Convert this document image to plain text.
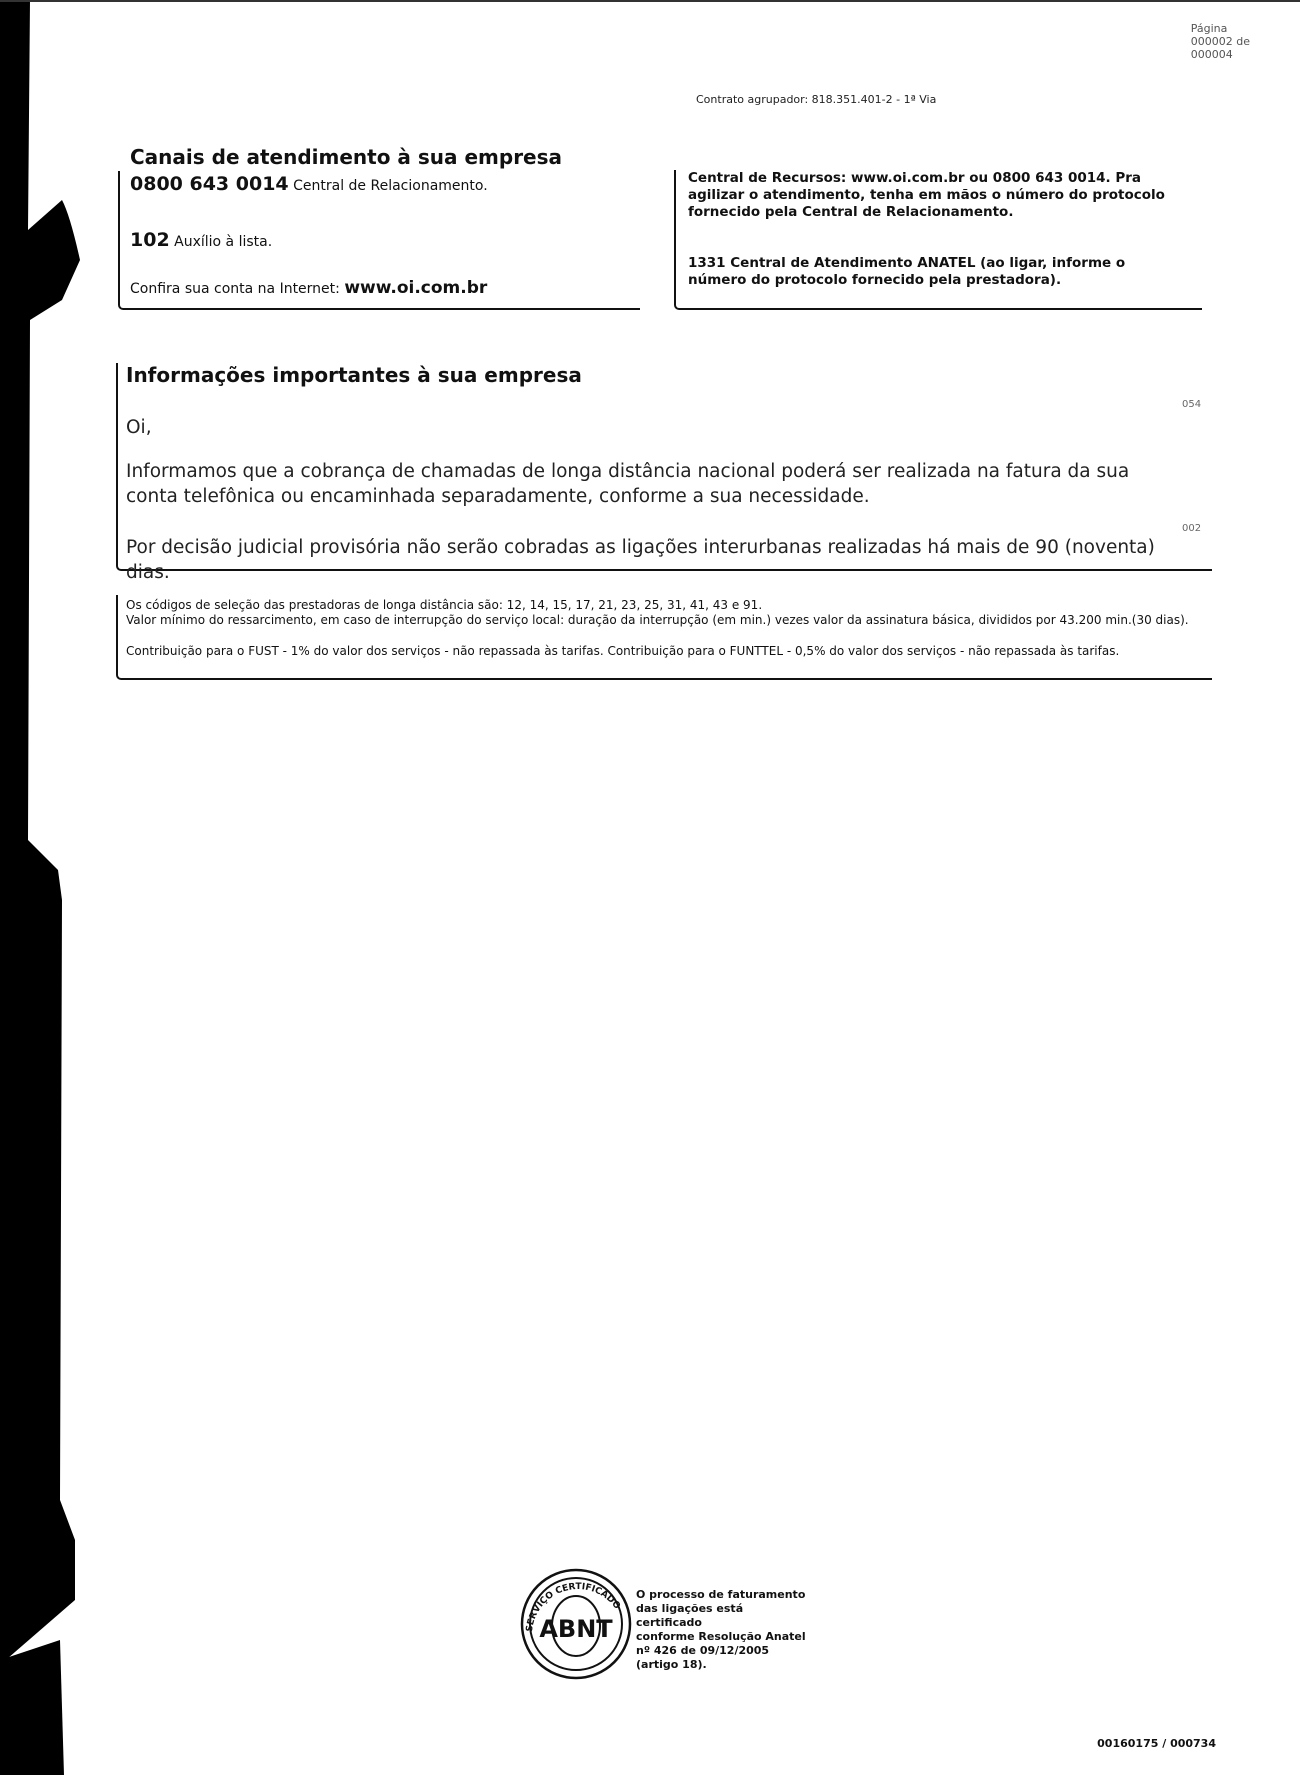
Página
000002 de
000004
Contrato agrupador: 818.351.401-2 - 1ª Via
Canais de atendimento à sua empresa
0800 643 0014 Central de Relacionamento.
102 Auxílio à lista.
Confira sua conta na Internet: www.oi.com.br

Central de Recursos: www.oi.com.br ou 0800 643 0014. Pra agilizar o atendimento, tenha em mãos o número do protocolo fornecido pela Central de Relacionamento.

1331 Central de Atendimento ANATEL (ao ligar, informe o número do protocolo fornecido pela prestadora).

Informações importantes à sua empresa
054

Oi,

Informamos que a cobrança de chamadas de longa distância nacional poderá ser realizada na fatura da sua conta telefônica ou encaminhada separadamente, conforme a sua necessidade.

002

Por decisão judicial provisória não serão cobradas as ligações interurbanas realizadas há mais de 90 (noventa) dias.

Os códigos de seleção das prestadoras de longa distância são: 12, 14, 15, 17, 21, 23, 25, 31, 41, 43 e 91.

Valor mínimo do ressarcimento, em caso de interrupção do serviço local: duração da interrupção (em min.) vezes valor da assinatura básica, divididos por 43.200 min.(30 dias).

Contribuição para o FUST - 1% do valor dos serviços - não repassada às tarifas. Contribuição para o FUNTTEL - 0,5% do valor dos serviços - não repassada às tarifas.

SERVIÇO CERTIFICADO
ABNT
O processo de faturamento
das ligações está certificado
conforme Resolução Anatel
nº 426 de 09/12/2005
(artigo 18).
00160175 / 000734
